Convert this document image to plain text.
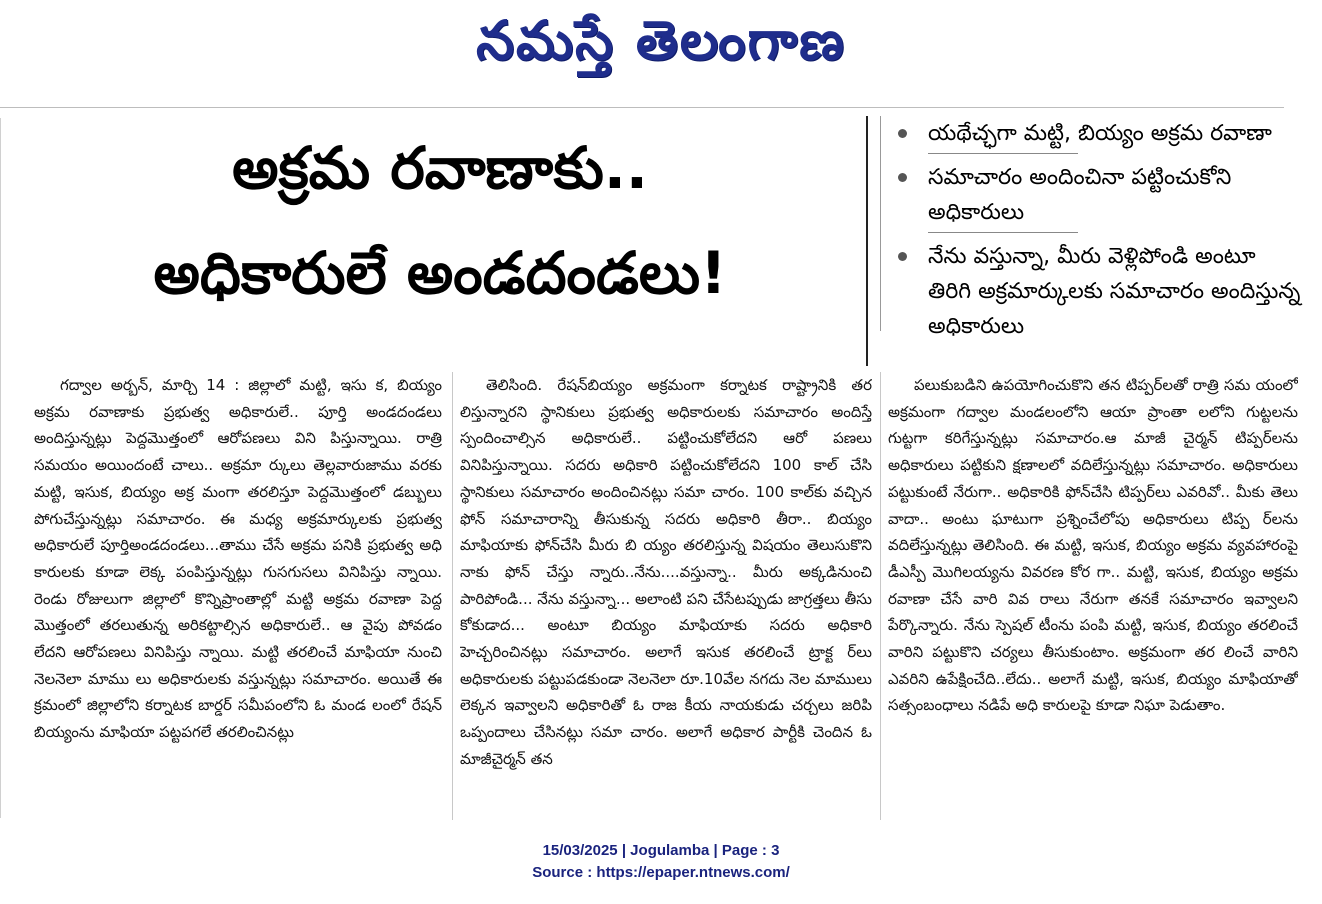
నమస్తే తెలంగాణ
అక్రమ రవాణాకు..
అధికారులే అండదండలు!
యథేచ్ఛగా మట్టి, బియ్యం అక్రమ రవాణా
సమాచారం అందించినా పట్టించుకోని అధికారులు
నేను వస్తున్నా, మీరు వెళ్లిపోండి అంటూ తిరిగి అక్రమార్కులకు సమాచారం అందిస్తున్న అధికారులు

గద్వాల అర్బన్, మార్చి 14 : జిల్లాలో మట్టి, ఇసు క, బియ్యం అక్రమ రవాణాకు ప్రభుత్వ అధికారులే.. పూర్తి అండదండలు అందిస్తున్నట్లు పెద్దమొత్తంలో ఆరోపణలు విని పిస్తున్నాయి. రాత్రి సమయం అయిందంటే చాలు.. అక్రమా ర్కులు తెల్లవారుజాము వరకు మట్టి, ఇసుక, బియ్యం అక్ర మంగా తరలిస్తూ పెద్దమొత్తంలో డబ్బులు పోగుచేస్తున్నట్లు సమాచారం. ఈ మధ్య అక్రమార్కులకు ప్రభుత్వ అధికారులే పూర్తిఅండదండలు...తాము చేసే అక్రమ పనికి ప్రభుత్వ అధి కారులకు కూడా లెక్క పంపిస్తున్నట్లు గుసగుసలు వినిపిస్తు న్నాయి. రెండు రోజులుగా జిల్లాలో కొన్నిప్రాంతాల్లో మట్టి అక్రమ రవాణా పెద్ద మొత్తంలో తరలుతున్న అరికట్టాల్సిన అధికారులే.. ఆ వైపు పోవడం లేదని ఆరోపణలు వినిపిస్తు న్నాయి. మట్టి తరలించే మాఫియా నుంచి నెలనెలా మాము లు అధికారులకు వస్తున్నట్లు సమాచారం. అయితే ఈ క్రమంలో జిల్లాలోని కర్నాటక బార్డర్ సమీపంలోని ఓ మండ లంలో రేషన్ బియ్యంను మాఫియా పట్టపగలే తరలించినట్లు

తెలిసింది. రేషన్‌బియ్యం అక్రమంగా కర్నాటక రాష్ట్రానికి తర లిస్తున్నారని స్థానికులు ప్రభుత్వ అధికారులకు సమాచారం అందిస్తే స్పందించాల్సిన అధికారులే.. పట్టించుకోలేదని ఆరో పణలు వినిపిస్తున్నాయి. సదరు అధికారి పట్టించుకోలేదని 100 కాల్ చేసి స్థానికులు సమాచారం అందించినట్లు సమా చారం. 100 కాల్‌కు వచ్చిన ఫోన్ సమాచారాన్ని తీసుకున్న సదరు అధికారి తీరా.. బియ్యం మాఫియాకు ఫోన్‌చేసి మీరు బి య్యం తరలిస్తున్న విషయం తెలుసుకొని నాకు ఫోన్ చేస్తు న్నారు..నేను....వస్తున్నా.. మీరు అక్కడినుంచి పారిపోండి... నేను వస్తున్నా... అలాంటి పని చేసేటప్పుడు జాగ్రత్తలు తీసు కోకుడాద... అంటూ బియ్యం మాఫియాకు సదరు అధికారి హెచ్చరించినట్లు సమాచారం. అలాగే ఇసుక తరలించే ట్రాక్ట ర్‌లు అధికారులకు పట్టుపడకుండా నెలనెలా రూ.10వేల నగదు నెల మాములు లెక్కన ఇవ్వాలని అధికారితో ఓ రాజ కీయ నాయకుడు చర్చలు జరిపి ఒప్పందాలు చేసినట్లు సమా చారం. అలాగే అధికార పార్టీకి చెందిన ఓ మాజీచైర్మన్ తన

పలుకుబడిని ఉపయోగించుకొని తన టిప్పర్‌లతో రాత్రి సమ యంలో అక్రమంగా గద్వాల మండలంలోని ఆయా ప్రాంతా లలోని గుట్టలను గుట్టగా కరిగేస్తున్నట్లు సమాచారం.ఆ మాజీ చైర్మన్ టిప్పర్‌లను అధికారులు పట్టికుని క్షణాలలో వదిలేస్తున్నట్లు సమాచారం. అధికారులు పట్టుకుంటే నేరుగా.. అధికారికి ఫోన్‌చేసి టిప్పర్‌లు ఎవరివో.. మీకు తెలు వాదా.. అంటు ఘాటుగా ప్రశ్నించేలోపు అధికారులు టిప్ప ర్‌లను వదిలేస్తున్నట్లు తెలిసింది. ఈ మట్టి, ఇసుక, బియ్యం అక్రమ వ్యవహారంపై డీఎస్పీ మొగిలయ్యను వివరణ కోర గా.. మట్టి, ఇసుక, బియ్యం అక్రమ రవాణా చేసే వారి వివ రాలు నేరుగా తనకే సమాచారం ఇవ్వాలని పేర్కొన్నారు. నేను స్పెషల్ టీంను పంపి మట్టి, ఇసుక, బియ్యం తరలించే వారిని పట్టుకొని చర్యలు తీసుకుంటాం. అక్రమంగా తర లించే వారిని ఎవరిని ఉపేక్షించేది..లేదు.. అలాగే మట్టి, ఇసుక, బియ్యం మాఫియాతో సత్సంబంధాలు నడిపే అధి కారులపై కూడా నిఘా పెడుతాం.

15/03/2025 | Jogulamba | Page : 3
Source : https://epaper.ntnews.com/
